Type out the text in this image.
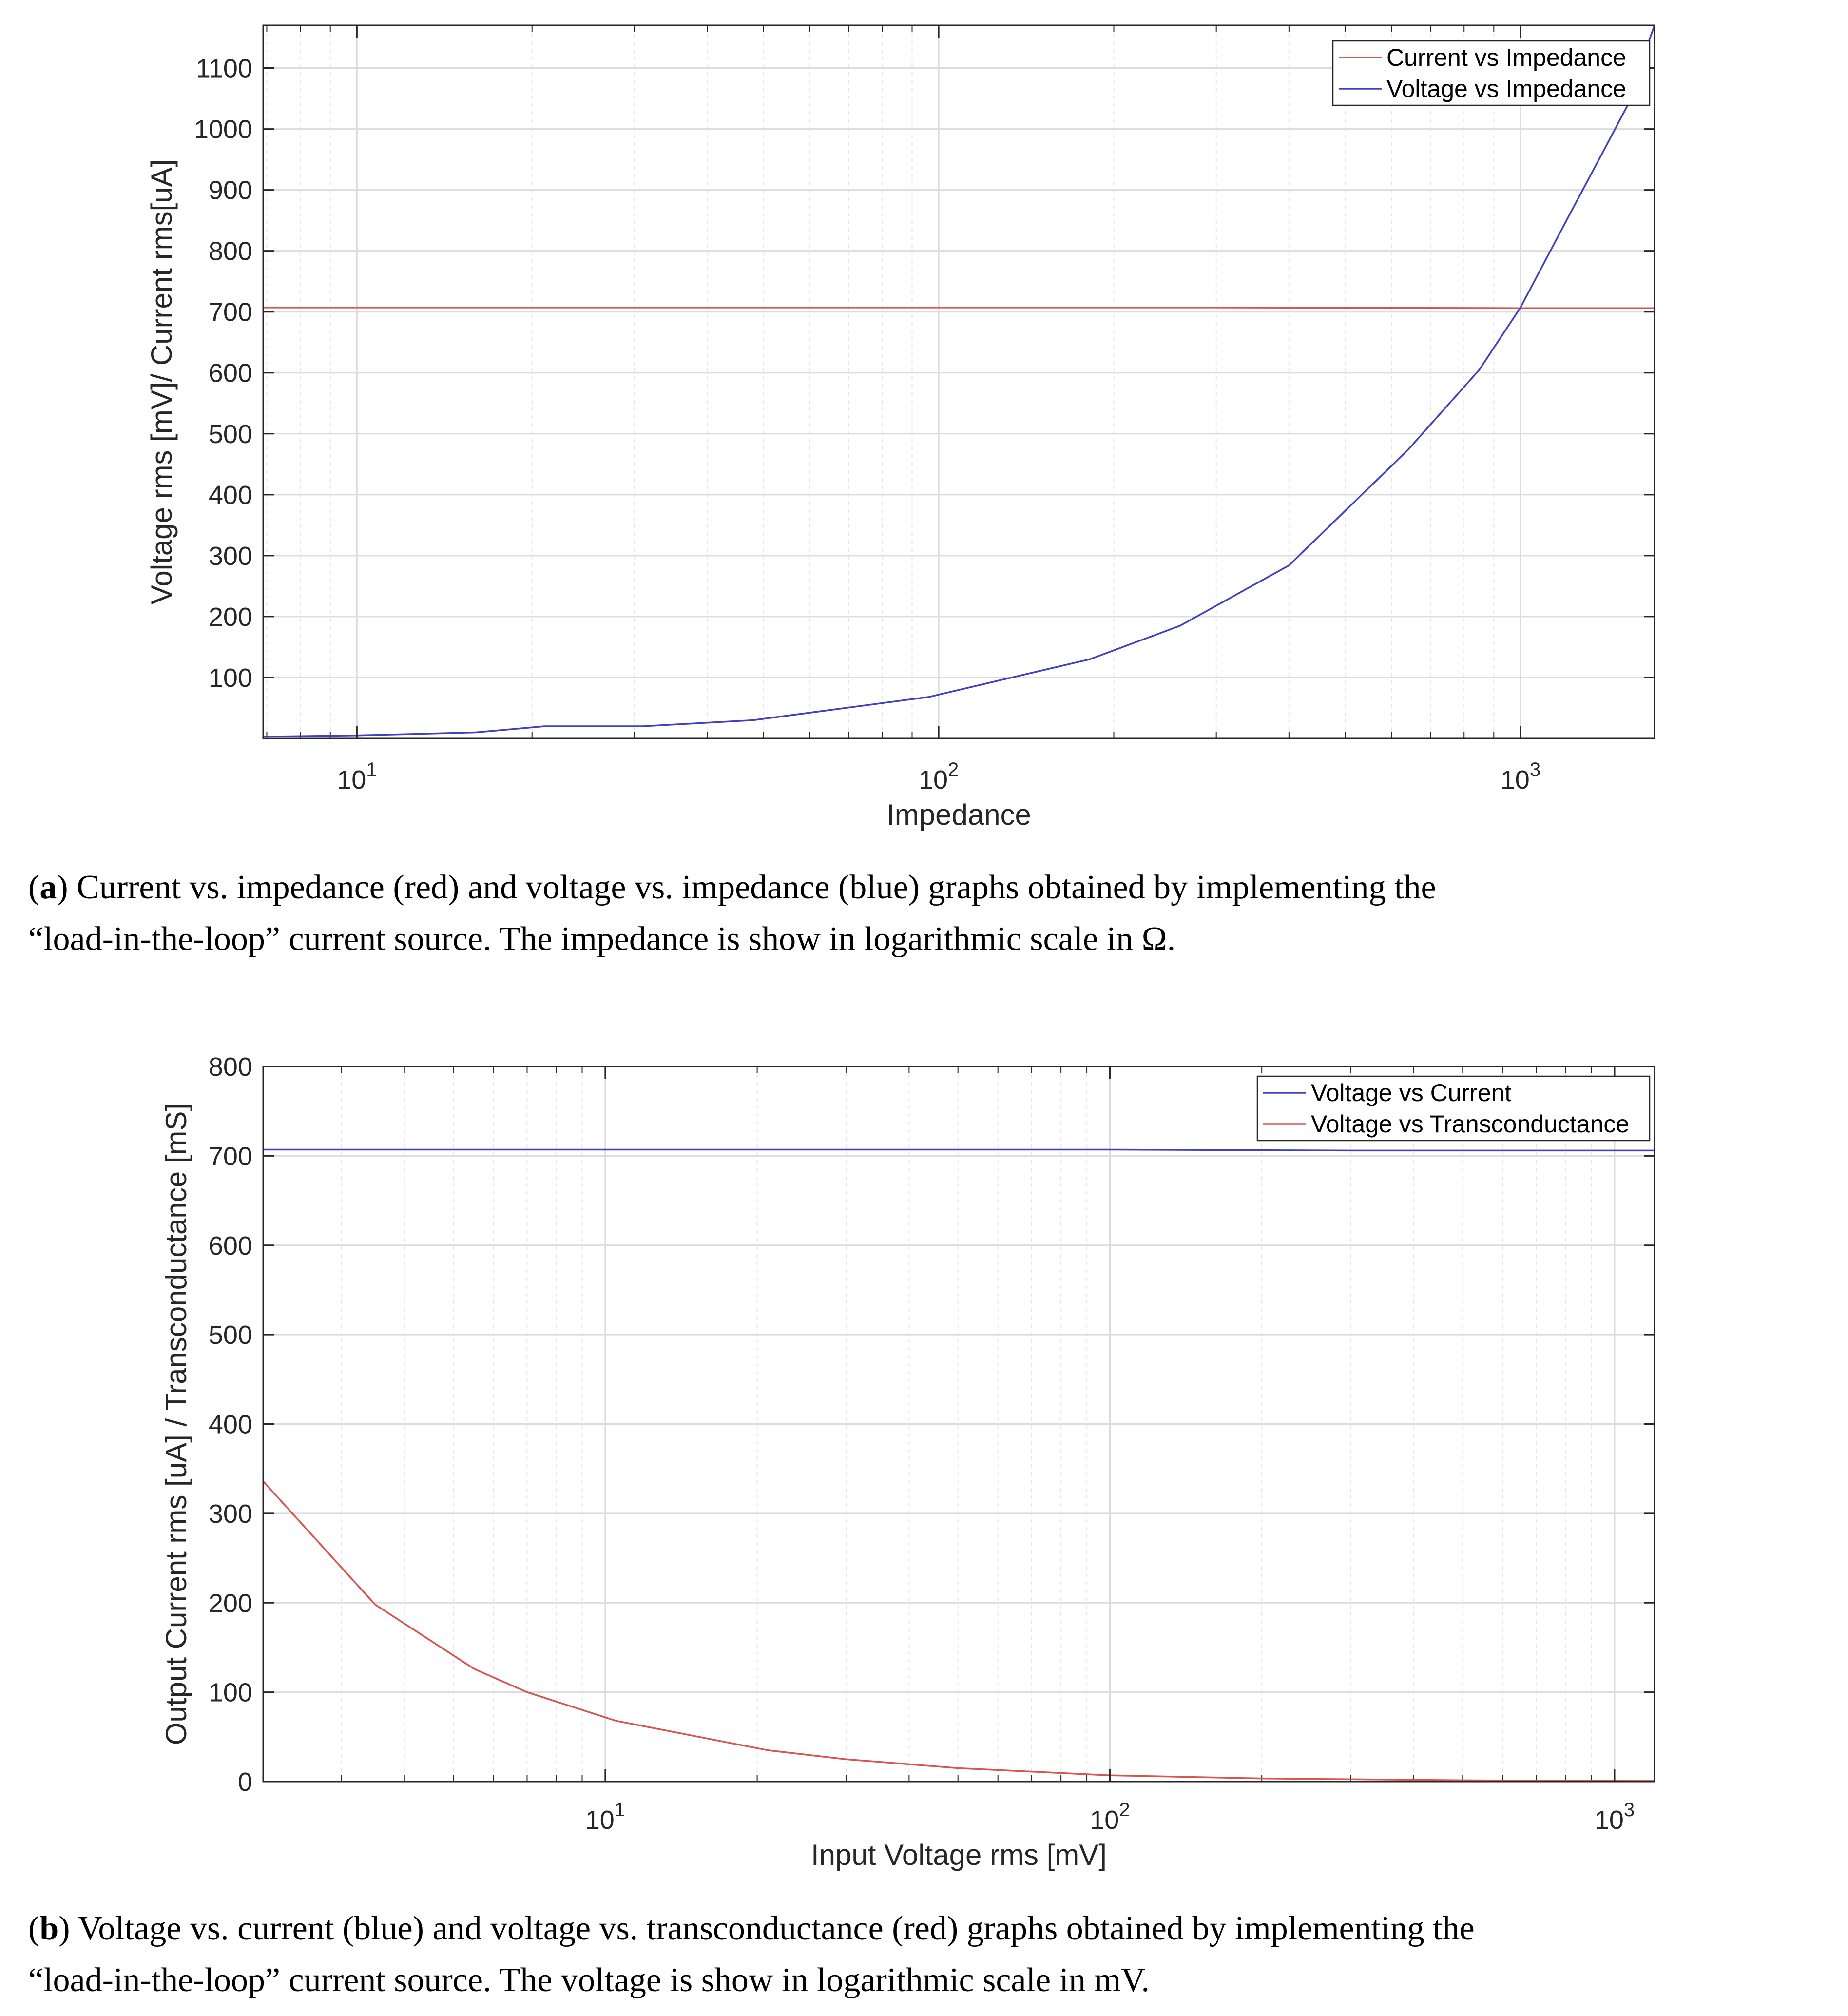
100
200
300
400
500
600
700
800
900
1000
1100
$10^1$	$10^2$	$10^3$
Impedance
Voltage rms [mV]/ Current rms[uA]
Current vs Impedance
Voltage vs Impedance
0
100
200
300
400
500
600
700
800
$10^1$	$10^2$	$10^3$
Input Voltage rms [mV]
Output Current rms [uA] / Transconductance [mS]
Voltage vs Current
Voltage vs Transconductance
(a) Current vs. impedance (red) and voltage vs. impedance (blue) graphs obtained by implementing the
“load-in-the-loop” current source. The impedance is show in logarithmic scale in Ω.
(b) Voltage vs. current (blue) and voltage vs. transconductance (red) graphs obtained by implementing the
“load-in-the-loop” current source. The voltage is show in logarithmic scale in mV.
